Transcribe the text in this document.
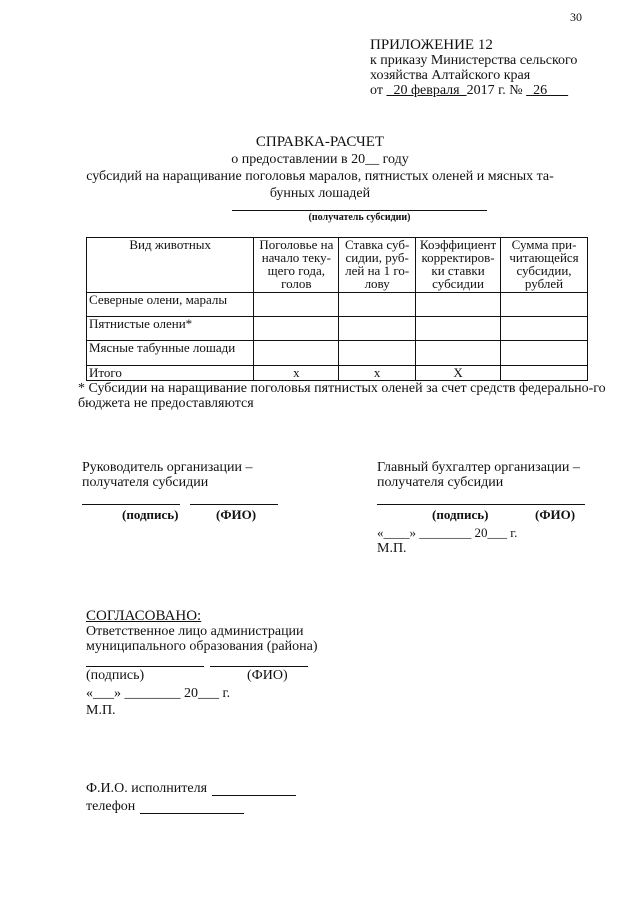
30
ПРИЛОЖЕНИЕ 12
к приказу Министерства сельского
хозяйства Алтайского края
от   20 февраля  2017 г. №   26
СПРАВКА-РАСЧЕТ
о предоставлении в 20__ году
субсидий на наращивание поголовья маралов, пятнистых оленей и мясных та-
бунных лошадей
(получатель субсидии)
Вид животных	Поголовье на начало теку-щего года, голов	Ставка суб-сидии, руб-лей на 1 го-лову	Коэффициент корректиров-ки ставки субсидии	Сумма при-читающейся субсидии, рублей
Северные олени, маралы				
Пятнистые олени*				
Мясные табунные лошади				
Итого	х	х	Х	
* Субсидии на наращивание поголовья пятнистых оленей за счет средств федерально-го бюджета не предоставляются
Руководитель организации –
получателя субсидии
(подпись)	(ФИО)
Главный бухгалтер организации –
получателя субсидии
(подпись)	(ФИО)
«____» ________ 20___ г.
М.П.
СОГЛАСОВАНО:
Ответственное лицо администрации
муниципального образования (района)
(подпись)	(ФИО)
«___» ________ 20___ г.
М.П.
Ф.И.О. исполнителя
телефон
